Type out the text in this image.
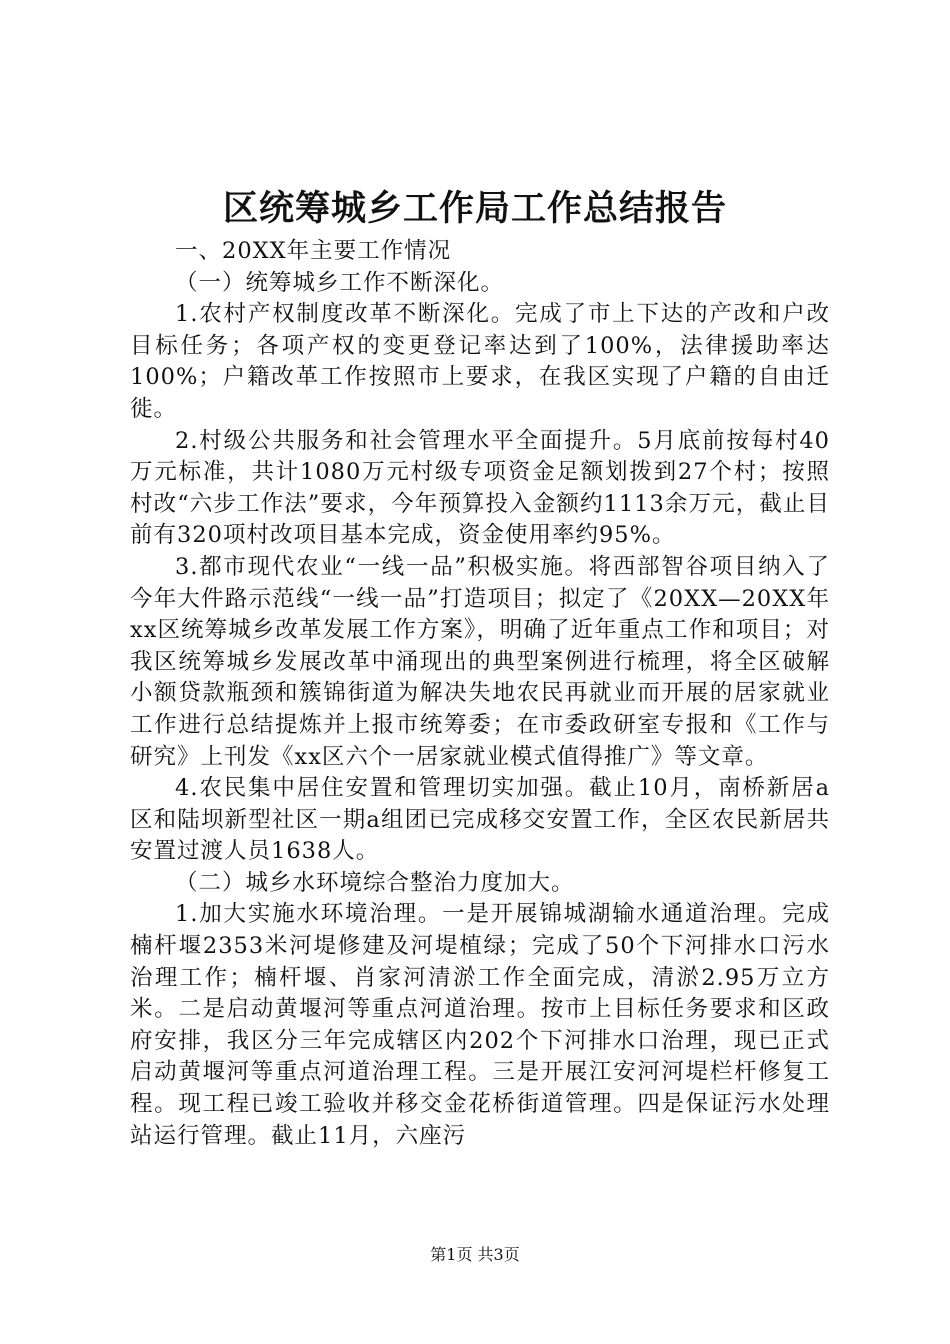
区统筹城乡工作局工作总结报告

一、20XX年主要工作情况

（一）统筹城乡工作不断深化。

1.农村产权制度改革不断深化。完成了市上下达的产改和户改目标任务；各项产权的变更登记率达到了100%，法律援助率达100%；户籍改革工作按照市上要求，在我区实现了户籍的自由迁徙。

2.村级公共服务和社会管理水平全面提升。5月底前按每村40万元标准，共计1080万元村级专项资金足额划拨到27个村；按照村改“六步工作法”要求，今年预算投入金额约1113余万元，截止目前有320项村改项目基本完成，资金使用率约95%。

3.都市现代农业“一线一品”积极实施。将西部智谷项目纳入了今年大件路示范线“一线一品”打造项目；拟定了《20XX—20XX年xx区统筹城乡改革发展工作方案》，明确了近年重点工作和项目；对我区统筹城乡发展改革中涌现出的典型案例进行梳理，将全区破解小额贷款瓶颈和簇锦街道为解决失地农民再就业而开展的居家就业工作进行总结提炼并上报市统筹委；在市委政研室专报和《工作与研究》上刊发《xx区六个一居家就业模式值得推广》等文章。

4.农民集中居住安置和管理切实加强。截止10月，南桥新居a区和陆坝新型社区一期a组团已完成移交安置工作，全区农民新居共安置过渡人员1638人。

（二）城乡水环境综合整治力度加大。

1.加大实施水环境治理。一是开展锦城湖输水通道治理。完成楠杆堰2353米河堤修建及河堤植绿；完成了50个下河排水口污水治理工作；楠杆堰、肖家河清淤工作全面完成，清淤2.95万立方米。二是启动黄堰河等重点河道治理。按市上目标任务要求和区政府安排，我区分三年完成辖区内202个下河排水口治理，现已正式启动黄堰河等重点河道治理工程。三是开展江安河河堤栏杆修复工程。现工程已竣工验收并移交金花桥街道管理。四是保证污水处理站运行管理。截止11月，六座污

第1页 共3页
